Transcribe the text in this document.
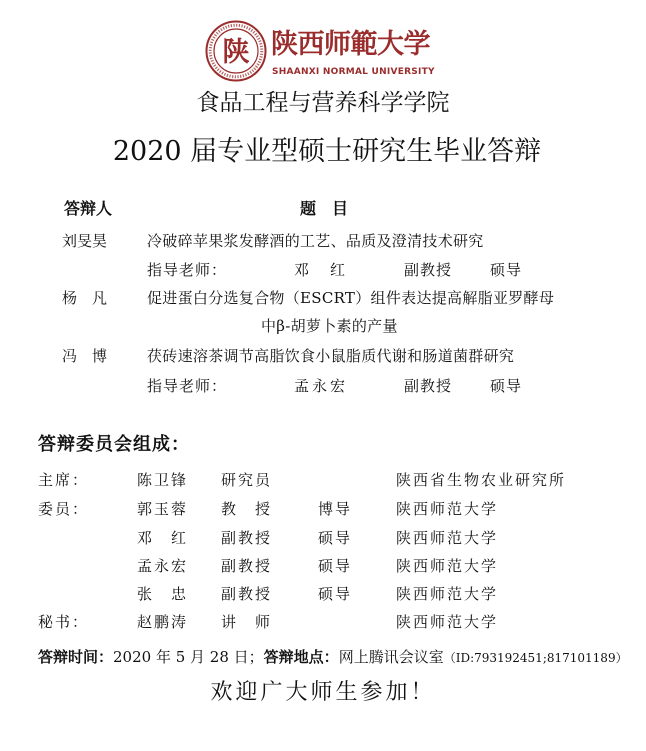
陕 陕西师範大学
SHAANXI NORMAL UNIVERSITY
食品工程与营养科学学院
2020 届专业型硕士研究生毕业答辩
答辩人	题　目
刘旻昊	冷破碎苹果浆发酵酒的工艺、品质及澄清技术研究
指导老师：	邓　红	副教授	硕导
杨　凡	促进蛋白分选复合物（ESCRT）组件表达提高解脂亚罗酵母
中β-胡萝卜素的产量
冯　博	茯砖速溶茶调节高脂饮食小鼠脂质代谢和肠道菌群研究
指导老师：	孟永宏	副教授	硕导
答辩委员会组成：
主席：	陈卫锋 研究员	陕西省生物农业研究所
委员：	郭玉蓉 教　授	博导	陕西师范大学
邓　红 副教授	硕导	陕西师范大学
孟永宏 副教授	硕导	陕西师范大学
张　忠 副教授	硕导	陕西师范大学
秘书：	赵鹏涛 讲　师	陕西师范大学
答辩时间：2020 年 5 月 28 日；答辩地点：网上腾讯会议室（ID:793192451;817101189）
欢迎广大师生参加！
